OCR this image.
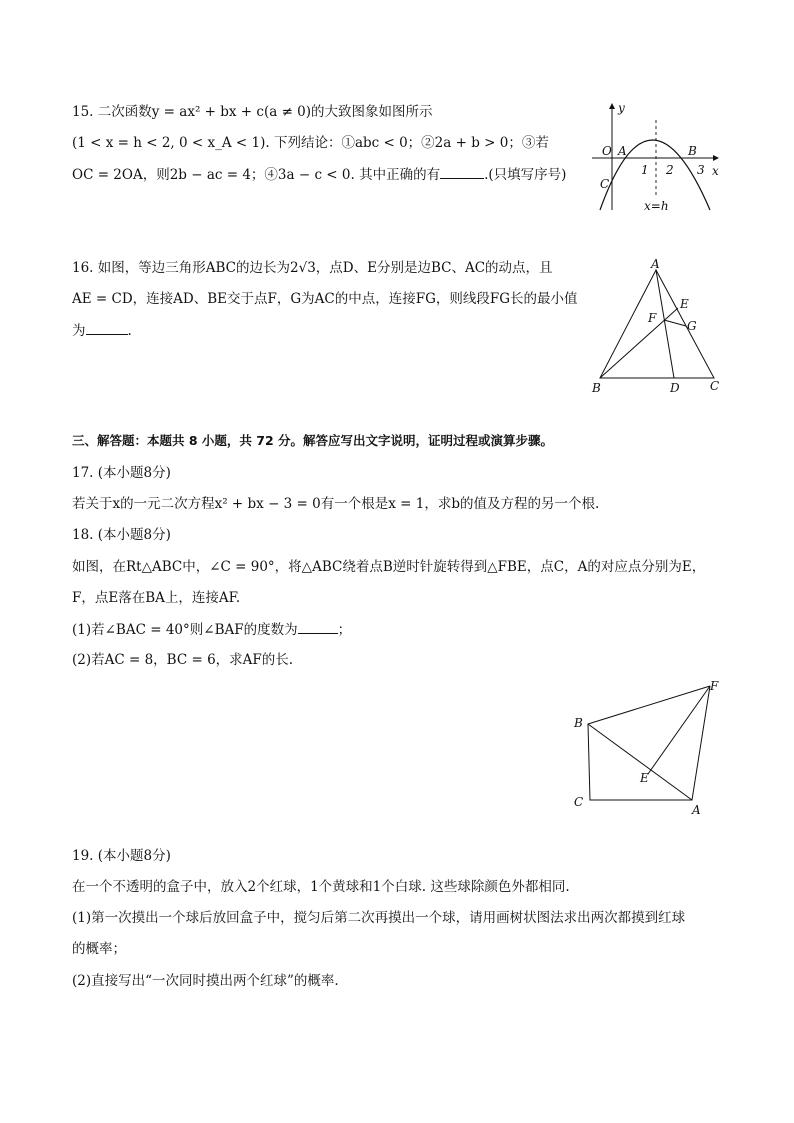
15. 二次函数y = ax² + bx + c(a ≠ 0)的大致图象如图所示
(1 < x = h < 2, 0 < x_A < 1). 下列结论：①abc < 0；②2a + b > 0；③若
OC = 2OA，则2b − ac = 4；④3a − c < 0. 其中正确的有	.(只填写序号)
y
x
O A	B
C
1 2 3
x=h
16. 如图，等边三角形ABC的边长为2√3，点D、E分别是边BC、AC的动点，且
AE = CD，连接AD、BE交于点F，G为AC的中点，连接FG，则线段FG长的最小值
为	.
A
B	C
D
E
F
G
三、解答题：本题共 8 小题，共 72 分。解答应写出文字说明，证明过程或演算步骤。
17. (本小题8分)
若关于x的一元二次方程x² + bx − 3 = 0有一个根是x = 1，求b的值及方程的另一个根.
18. (本小题8分)
如图，在Rt△ABC中，∠C = 90°，将△ABC绕着点B逆时针旋转得到△FBE，点C，A的对应点分别为E，
F，点E落在BA上，连接AF.
(1)若∠BAC = 40°则∠BAF的度数为	；
(2)若AC = 8，BC = 6，求AF的长.
F
B
E
C
A
19. (本小题8分)
在一个不透明的盒子中，放入2个红球，1个黄球和1个白球. 这些球除颜色外都相同.
(1)第一次摸出一个球后放回盒子中，搅匀后第二次再摸出一个球，请用画树状图法求出两次都摸到红球
的概率；
(2)直接写出“一次同时摸出两个红球”的概率.
